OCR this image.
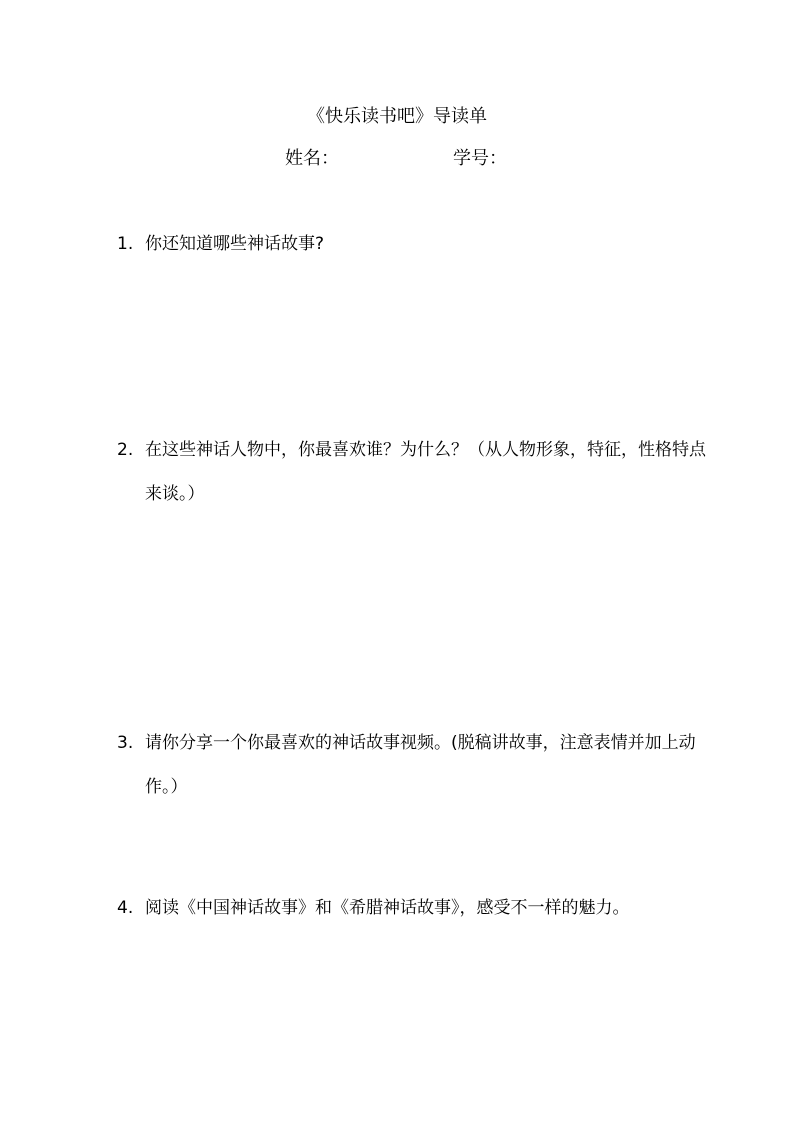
《快乐读书吧》导读单
姓名：	学号：
1. 你还知道哪些神话故事?
2. 在这些神话人物中，你最喜欢谁？为什么？（从人物形象，特征，性格特点来谈。）
3. 请你分享一个你最喜欢的神话故事视频。(脱稿讲故事，注意表情并加上动作。）
4. 阅读《中国神话故事》和《希腊神话故事》，感受不一样的魅力。
